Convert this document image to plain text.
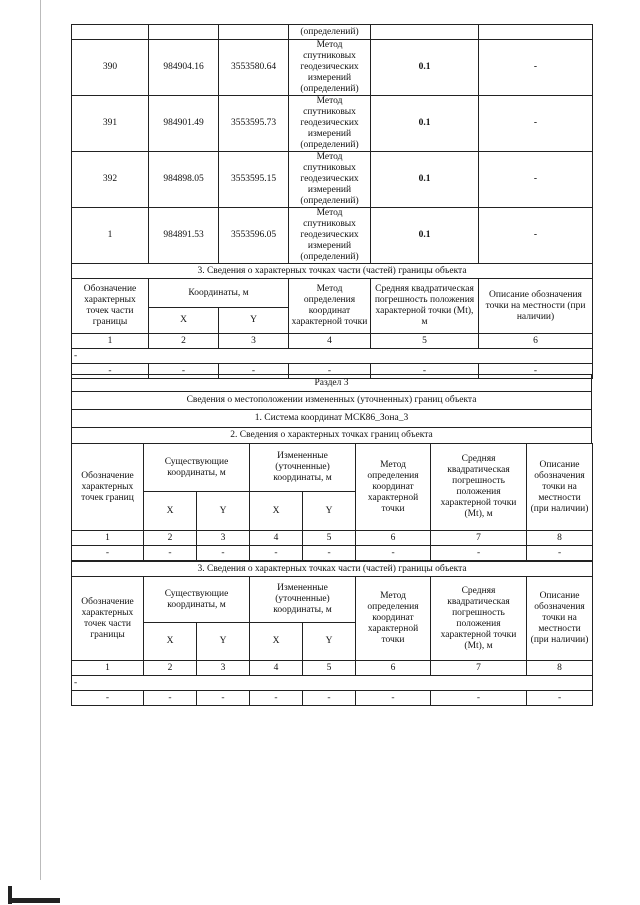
			(определений)		
390	984904.16	3553580.64	Метод спутниковых геодезических измерений (определений)	0.1	-
391	984901.49	3553595.73	Метод спутниковых геодезических измерений (определений)	0.1	-
392	984898.05	3553595.15	Метод спутниковых геодезических измерений (определений)	0.1	-
1	984891.53	3553596.05	Метод спутниковых геодезических измерений (определений)	0.1	-
3. Сведения о характерных точках части (частей) границы объекта					
Обозначение характерных точек части границы	Координаты, м		Метод определения координат характерной точки	Средняя квадратическая погрешность положения характерной точки (Mt), м	Описание обозначения точки на местности (при наличии)
	X	Y			
1	2	3	4	5	6
-					
-	-	-	-	-	-
Раздел 3
Сведения о местоположении измененных (уточненных) границ объекта
1. Система координат МСК86_Зона_3
2. Сведения о характерных точках границ объекта
Обозначение характерных точек границ	Существующие координаты, м		Измененные (уточненные) координаты, м		Метод определения координат характерной точки	Средняя квадратическая погрешность положения характерной точки (Mt), м	Описание обозначения точки на местности (при наличии)
	X	Y	X	Y			
1	2	3	4	5	6	7	8
-	-	-	-	-	-	-	-
3. Сведения о характерных точках части (частей) границы объекта							
Обозначение характерных точек части границы	Существующие координаты, м		Измененные (уточненные) координаты, м		Метод определения координат характерной точки	Средняя квадратическая погрешность положения характерной точки (Mt), м	Описание обозначения точки на местности (при наличии)
	X	Y	X	Y			
1	2	3	4	5	6	7	8
-							
-	-	-	-	-	-	-	-
